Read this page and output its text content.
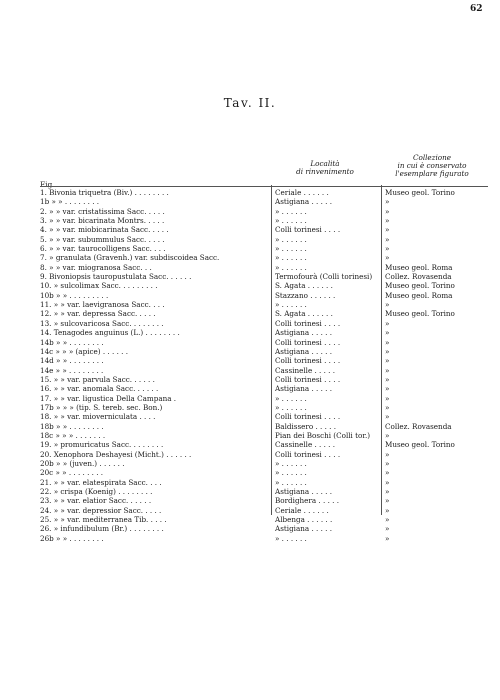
62
Tav. II.
Località
di rinvenimento
Collezione
in cui è conservato
l'esemplare figurato
Fig.
1. Bivonia triquetra (Biv.) . . . . . . . .	Ceriale . . . . . .	Museo geol. Torino
1b » » . . . . . . . .	Astigiana . . . . .	»
2. » » var. cristatissima Sacc. . . . .	» . . . . . .	»
3. » » var. bicarinata Montrs. . . . .	» . . . . . .	»
4. » » var. miobicarinata Sacc. . . . .	Colli torinesi . . . .	»
5. » » var. subummulus Sacc. . . . .	» . . . . . .	»
6. » » var. taurocolligens Sacc. . . .	» . . . . . .	»
7. » granulata (Gravenh.) var. subdiscoidea Sacc.	» . . . . . .	»
8. » » var. miogranosa Sacc. . .	» . . . . . .	Museo geol. Roma
9. Bivoniopsis tauropustulata Sacc. . . . . .	Termofourà (Colli torinesi)	Collez. Rovasenda
10. » sulcolimax Sacc. . . . . . . . .	S. Agata . . . . . .	Museo geol. Torino
10b » » . . . . . . . . .	Stazzano . . . . . .	Museo geol. Roma
11. » » var. laevigranosa Sacc. . . .	» . . . . . .	»
12. » » var. depressa Sacc. . . . .	S. Agata . . . . . .	Museo geol. Torino
13. » sulcovaricosa Sacc. . . . . . . .	Colli torinesi . . . .	»
14. Tenagodes anguinus (L.) . . . . . . . .	Astigiana . . . . .	»
14b » » . . . . . . . .	Colli torinesi . . . .	»
14c » » » (apice) . . . . . .	Astigiana . . . . .	»
14d » » . . . . . . . .	Colli torinesi . . . .	»
14e » » . . . . . . . .	Cassinelle . . . . .	»
15. » » var. parvula Sacc. . . . . .	Colli torinesi . . . .	»
16. » » var. anomala Sacc. . . . . .	Astigiana . . . . .	»
17. » » var. ligustica Della Campana .	» . . . . . .	»
17b » » » (tip. S. tereb. sec. Bon.)	» . . . . . .	»
18. » » var. mioverniculata . . . .	Colli torinesi . . . .	»
18b » » . . . . . . . .	Baldissero . . . . .	Collez. Rovasenda
18c » » » . . . . . . .	Pian dei Boschi (Colli tor.)	»
19. » promuricatus Sacc. . . . . . . .	Cassinelle . . . . .	Museo geol. Torino
20. Xenophora Deshayesi (Micht.) . . . . . .	Colli torinesi . . . .	»
20b » » (juven.) . . . . . .	» . . . . . .	»
20c » » . . . . . . . .	» . . . . . .	»
21. » » var. elatespirata Sacc. . . .	» . . . . . .	»
22. » crispa (Koenig) . . . . . . . .	Astigiana . . . . .	»
23. » » var. elatior Sacc. . . . . .	Bordighera . . . . .	»
24. » » var. depressior Sacc. . . . .	Ceriale . . . . . .	»
25. » » var. mediterranea Tib. . . . .	Albenga . . . . . .	»
26. » infundibulum (Br.) . . . . . . . .	Astigiana . . . . .	»
26b » » . . . . . . . .	» . . . . . .	»
